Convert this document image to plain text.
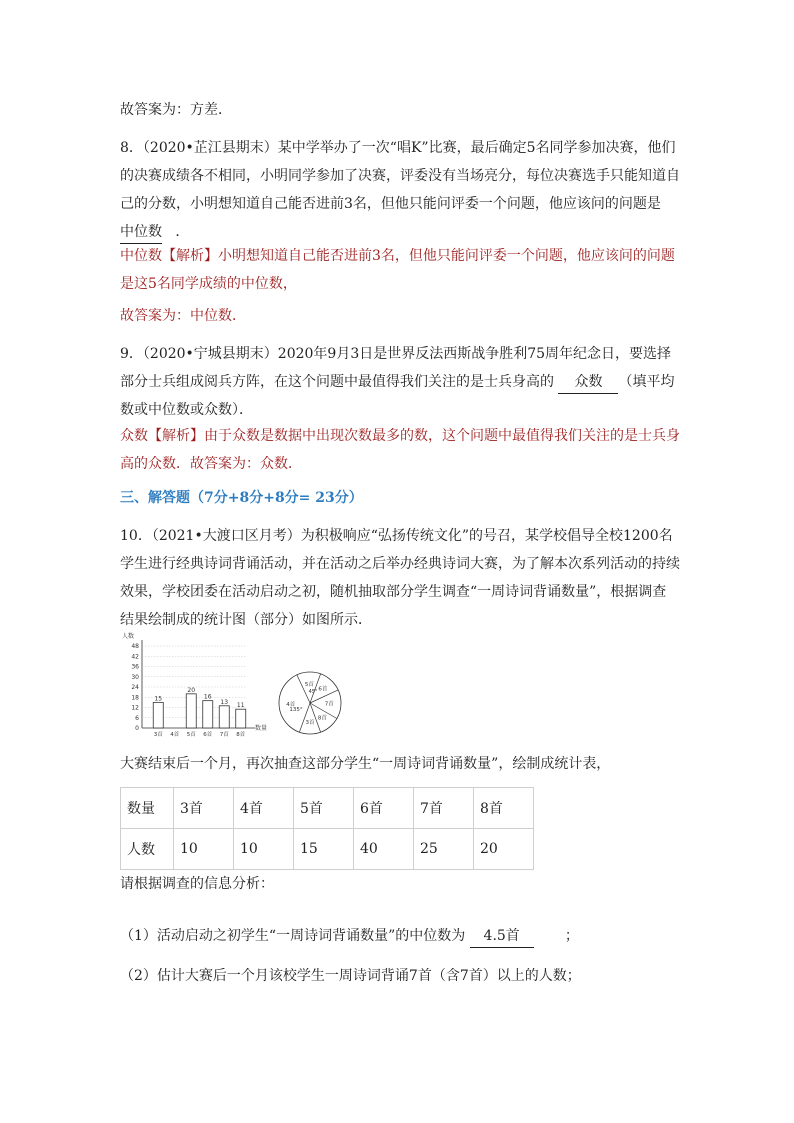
故答案为：方差．

8．（2020•芷江县期末）某中学举办了一次“唱K”比赛，最后确定5名同学参加决赛，他们的决赛成绩各不相同，小明同学参加了决赛，评委没有当场亮分，每位决赛选手只能知道自己的分数，小明想知道自己能否进前3名，但他只能问评委一个问题，他应该问的问题是中位数 ．

中位数【解析】小明想知道自己能否进前3名，但他只能问评委一个问题，他应该问的问题是这5名同学成绩的中位数，

故答案为：中位数．

9．（2020•宁城县期末）2020年9月3日是世界反法西斯战争胜利75周年纪念日，要选择部分士兵组成阅兵方阵，在这个问题中最值得我们关注的是士兵身高的 众数 （填平均数或中位数或众数）．

众数【解析】由于众数是数据中出现次数最多的数，这个问题中最值得我们关注的是士兵身高的众数．故答案为：众数．

三、解答题（7分+8分+8分= 23分）

10．（2021•大渡口区月考）为积极响应“弘扬传统文化”的号召，某学校倡导全校1200名学生进行经典诗词背诵活动，并在活动之后举办经典诗词大赛，为了解本次系列活动的持续效果，学校团委在活动启动之初，随机抽取部分学生调查“一周诗词背诵数量”，根据调查结果绘制成的统计图（部分）如图所示．

人数
数量
0
6
12
18
24
30
36
42
48
3首
15
4首 5首
20
6首
16
7首
13
8首
11	4首
5首
6首
7首
8首
3首
135°
45°

大赛结束后一个月，再次抽查这部分学生“一周诗词背诵数量”，绘制成统计表，

数量	3首	4首	5首	6首	7首	8首
人数	10	10	15	40	25	20

请根据调查的信息分析：

（1）活动启动之初学生“一周诗词背诵数量”的中位数为 4.5首	；

（2）估计大赛后一个月该校学生一周诗词背诵7首（含7首）以上的人数；
